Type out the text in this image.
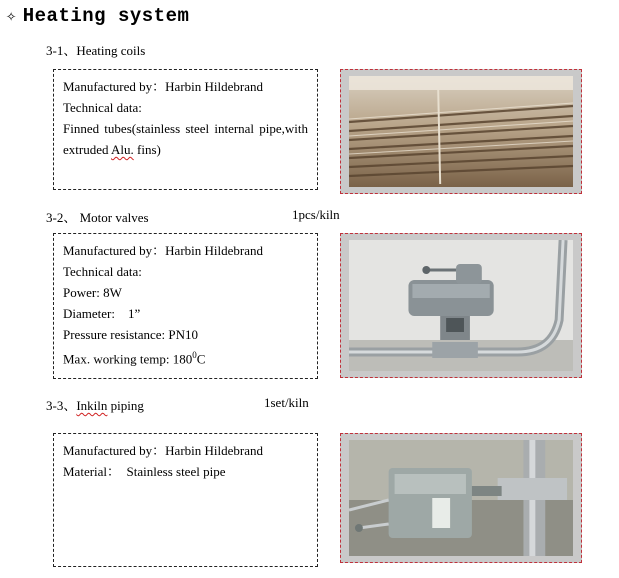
✧ Heating system
3-1、Heating coils

Manufactured by：Harbin Hildebrand

Technical data:

Finned tubes(stainless steel internal pipe,with extruded Alu. fins)

3-2、 Motor valves	1pcs/kiln

Manufactured by：Harbin Hildebrand

Technical data:

Power: 8W

Diameter:    1”

Pressure resistance: PN10

Max. working temp: $180^0C$

3-3、Inkiln piping	1set/kiln

Manufactured by：Harbin Hildebrand

Material：  Stainless steel pipe
